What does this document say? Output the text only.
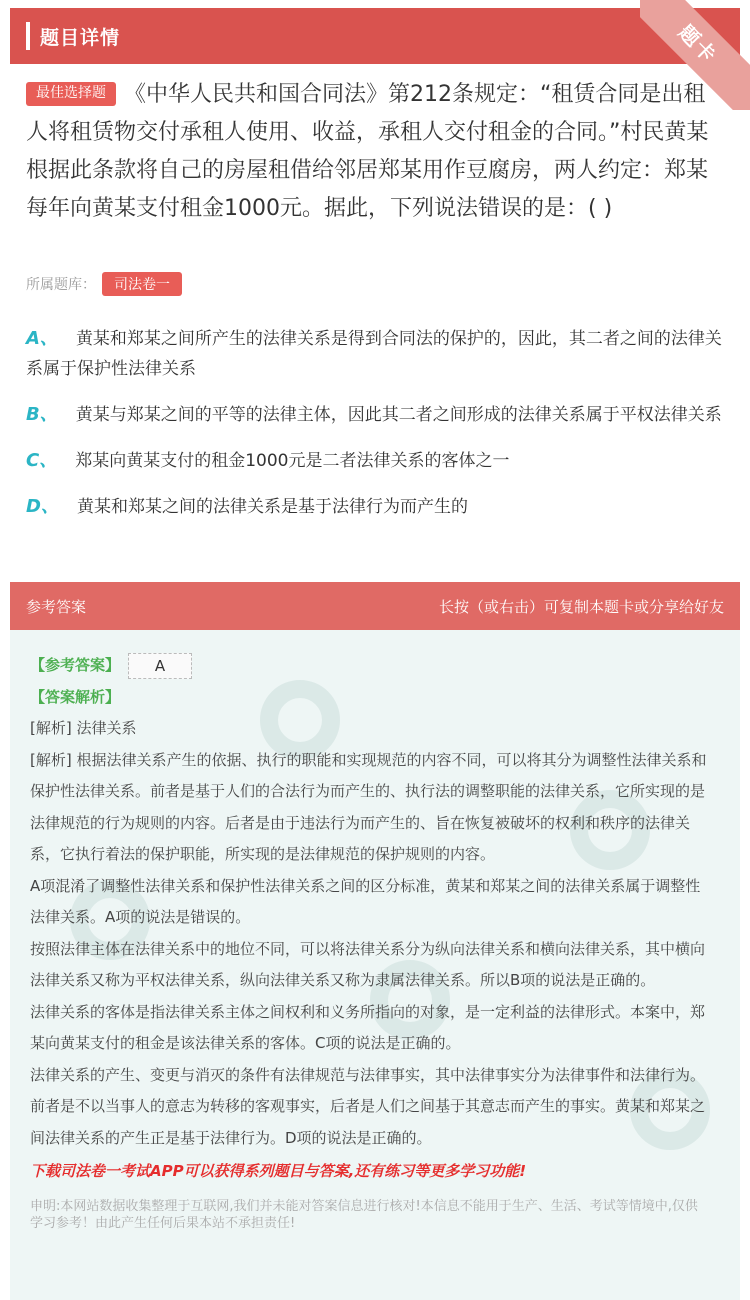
题目详情	题卡
最佳选择题 《中华人民共和国合同法》第212条规定：“租赁合同是出租人将租赁物交付承租人使用、收益，承租人交付租金的合同。”村民黄某根据此条款将自己的房屋租借给邻居郑某用作豆腐房，两人约定：郑某每年向黄某支付租金1000元。据此，下列说法错误的是：( )
所属题库：	司法卷一
A、 黄某和郑某之间所产生的法律关系是得到合同法的保护的，因此，其二者之间的法律关系属于保护性法律关系
B、 黄某与郑某之间的平等的法律主体，因此其二者之间形成的法律关系属于平权法律关系
C、 郑某向黄某支付的租金1000元是二者法律关系的客体之一
D、 黄某和郑某之间的法律关系是基于法律行为而产生的
参考答案	长按（或右击）可复制本题卡或分享给好友
【参考答案】 A
【答案解析】
[解析] 法律关系
[解析] 根据法律关系产生的依据、执行的职能和实现规范的内容不同，可以将其分为调整性法律关系和保护性法律关系。前者是基于人们的合法行为而产生的、执行法的调整职能的法律关系，它所实现的是法律规范的行为规则的内容。后者是由于违法行为而产生的、旨在恢复被破坏的权利和秩序的法律关系，它执行着法的保护职能，所实现的是法律规范的保护规则的内容。
A项混淆了调整性法律关系和保护性法律关系之间的区分标准，黄某和郑某之间的法律关系属于调整性法律关系。A项的说法是错误的。
按照法律主体在法律关系中的地位不同，可以将法律关系分为纵向法律关系和横向法律关系，其中横向法律关系又称为平权法律关系，纵向法律关系又称为隶属法律关系。所以B项的说法是正确的。
法律关系的客体是指法律关系主体之间权利和义务所指向的对象，是一定利益的法律形式。本案中，郑某向黄某支付的租金是该法律关系的客体。C项的说法是正确的。
法律关系的产生、变更与消灭的条件有法律规范与法律事实，其中法律事实分为法律事件和法律行为。前者是不以当事人的意志为转移的客观事实，后者是人们之间基于其意志而产生的事实。黄某和郑某之间法律关系的产生正是基于法律行为。D项的说法是正确的。
下载司法卷一考试APP可以获得系列题目与答案,还有练习等更多学习功能!
申明:本网站数据收集整理于互联网,我们并未能对答案信息进行核对!本信息不能用于生产、生活、考试等情境中,仅供学习参考！由此产生任何后果本站不承担责任!
